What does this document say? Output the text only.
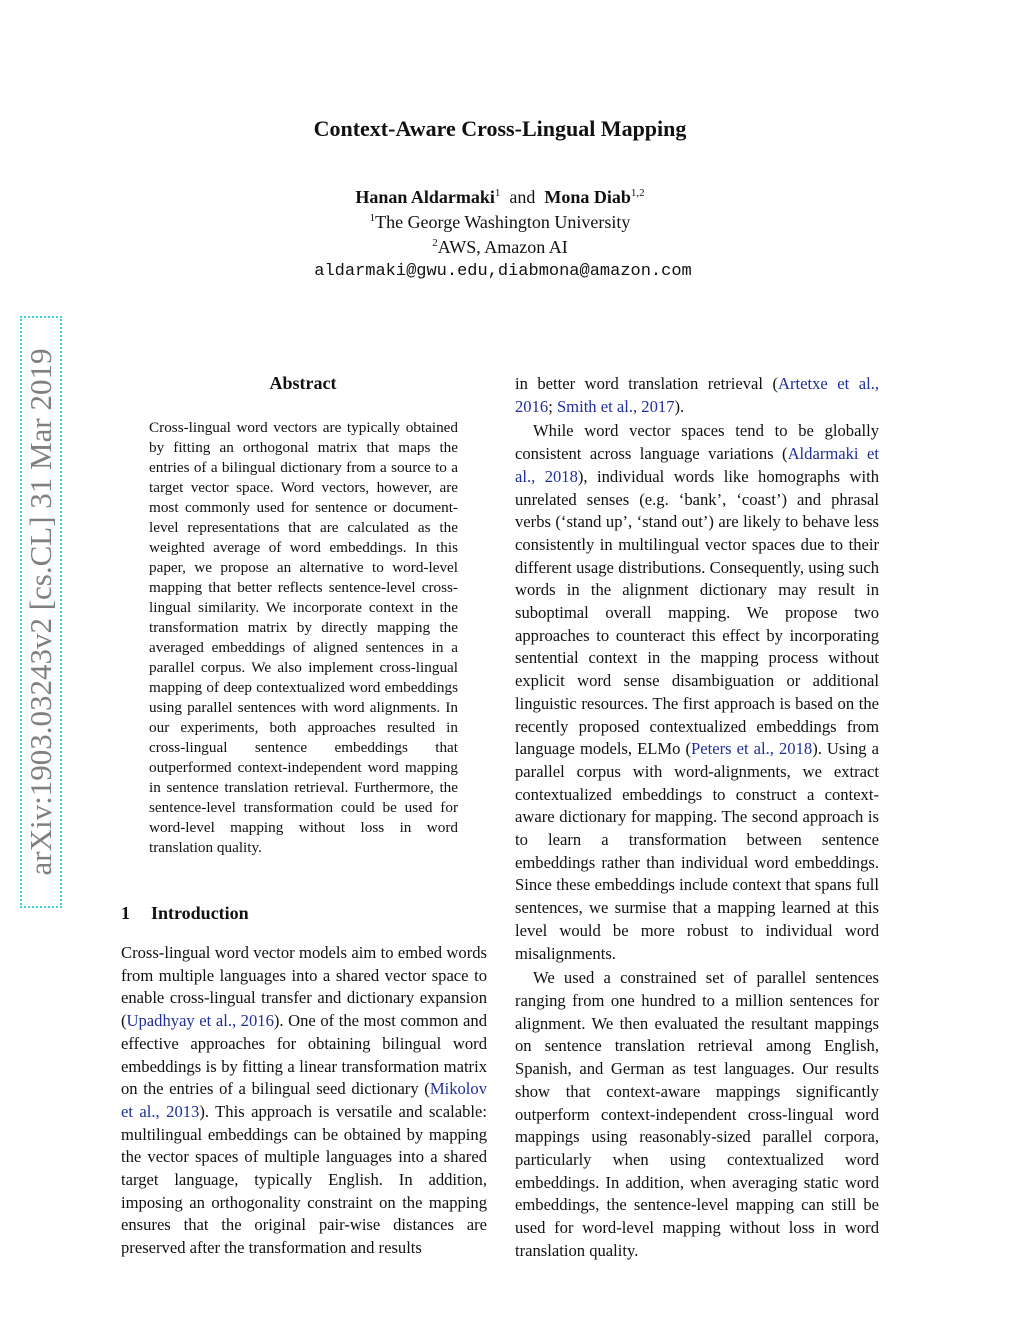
Context-Aware Cross-Lingual Mapping
Hanan Aldarmaki$^1$ and Mona Diab$^{1,2}$
$^1$The George Washington University
$^2$AWS, Amazon AI
aldarmaki@gwu.edu,diabmona@amazon.com
arXiv:1903.03243v2 [cs.CL] 31 Mar 2019	Abstract

Cross-lingual word vectors are typically obtained by fitting an orthogonal matrix that maps the entries of a bilingual dictionary from a source to a target vector space. Word vectors, however, are most commonly used for sentence or document-level representations that are calculated as the weighted average of word embeddings. In this paper, we propose an alternative to word-level mapping that better reflects sentence-level cross-lingual similarity. We incorporate context in the transformation matrix by directly mapping the averaged embeddings of aligned sentences in a parallel corpus. We also implement cross-lingual mapping of deep contextualized word embeddings using parallel sentences with word alignments. In our experiments, both approaches resulted in cross-lingual sentence embeddings that outperformed context-independent word mapping in sentence translation retrieval. Furthermore, the sentence-level transformation could be used for word-level mapping without loss in word translation quality.

1 Introduction

Cross-lingual word vector models aim to embed words from multiple languages into a shared vector space to enable cross-lingual transfer and dictionary expansion (Upadhyay et al., 2016). One of the most common and effective approaches for obtaining bilingual word embeddings is by fitting a linear transformation matrix on the entries of a bilingual seed dictionary (Mikolov et al., 2013). This approach is versatile and scalable: multilingual embeddings can be obtained by mapping the vector spaces of multiple languages into a shared target language, typically English. In addition, imposing an orthogonality constraint on the mapping ensures that the original pair-wise distances are preserved after the transformation and results

in better word translation retrieval (Artetxe et al., 2016; Smith et al., 2017).

While word vector spaces tend to be globally consistent across language variations (Aldarmaki et al., 2018), individual words like homographs with unrelated senses (e.g. ‘bank’, ‘coast’) and phrasal verbs (‘stand up’, ‘stand out’) are likely to behave less consistently in multilingual vector spaces due to their different usage distributions. Consequently, using such words in the alignment dictionary may result in suboptimal overall mapping. We propose two approaches to counteract this effect by incorporating sentential context in the mapping process without explicit word sense disambiguation or additional linguistic resources. The first approach is based on the recently proposed contextualized embeddings from language models, ELMo (Peters et al., 2018). Using a parallel corpus with word-alignments, we extract contextualized embeddings to construct a context-aware dictionary for mapping. The second approach is to learn a transformation between sentence embeddings rather than individual word embeddings. Since these embeddings include context that spans full sentences, we surmise that a mapping learned at this level would be more robust to individual word misalignments.

We used a constrained set of parallel sentences ranging from one hundred to a million sentences for alignment. We then evaluated the resultant mappings on sentence translation retrieval among English, Spanish, and German as test languages. Our results show that context-aware mappings significantly outperform context-independent cross-lingual word mappings using reasonably-sized parallel corpora, particularly when using contextualized word embeddings. In addition, when averaging static word embeddings, the sentence-level mapping can still be used for word-level mapping without loss in word translation quality.
